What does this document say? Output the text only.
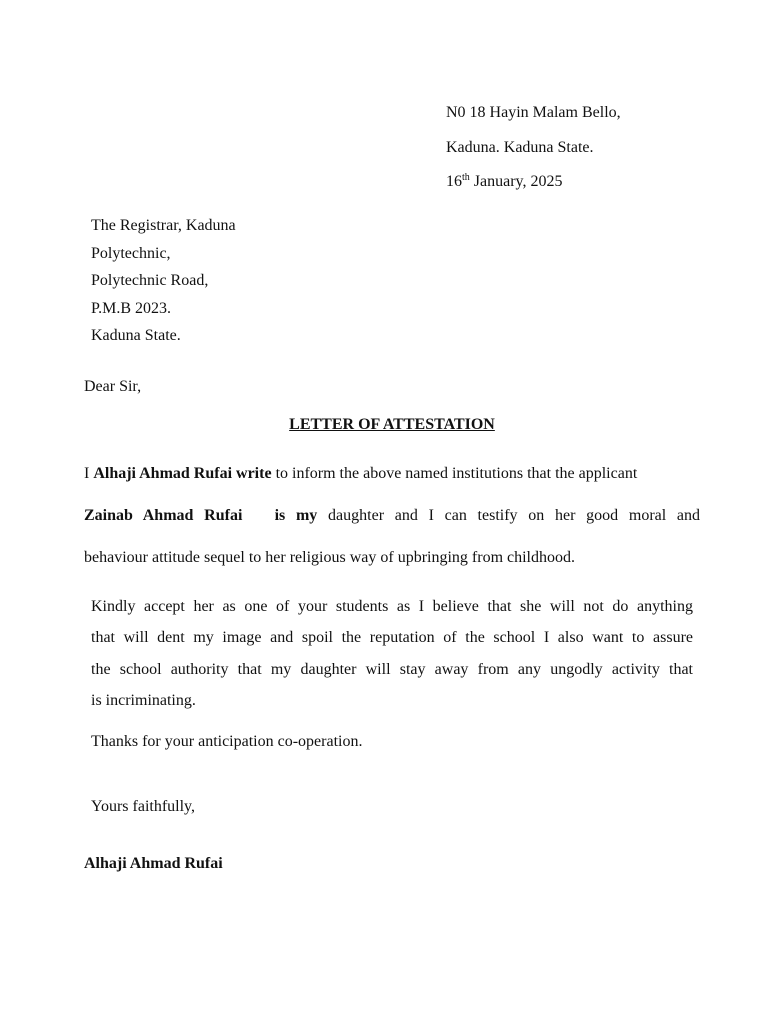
N0 18 Hayin Malam Bello,
Kaduna. Kaduna State.
16th January, 2025
The Registrar, Kaduna
Polytechnic,
Polytechnic Road,
P.M.B 2023.
Kaduna State.
Dear Sir,
LETTER OF ATTESTATION
I Alhaji Ahmad Rufai write to inform the above named institutions that the applicant
Zainab Ahmad Rufai is my daughter and I can testify on her good moral and
behaviour attitude sequel to her religious way of upbringing from childhood.
Kindly accept her as one of your students as I believe that she will not do anything
that will dent my image and spoil the reputation of the school I also want to assure
the school authority that my daughter will stay away from any ungodly activity that
is incriminating.
Thanks for your anticipation co-operation.
Yours faithfully,
Alhaji Ahmad Rufai
